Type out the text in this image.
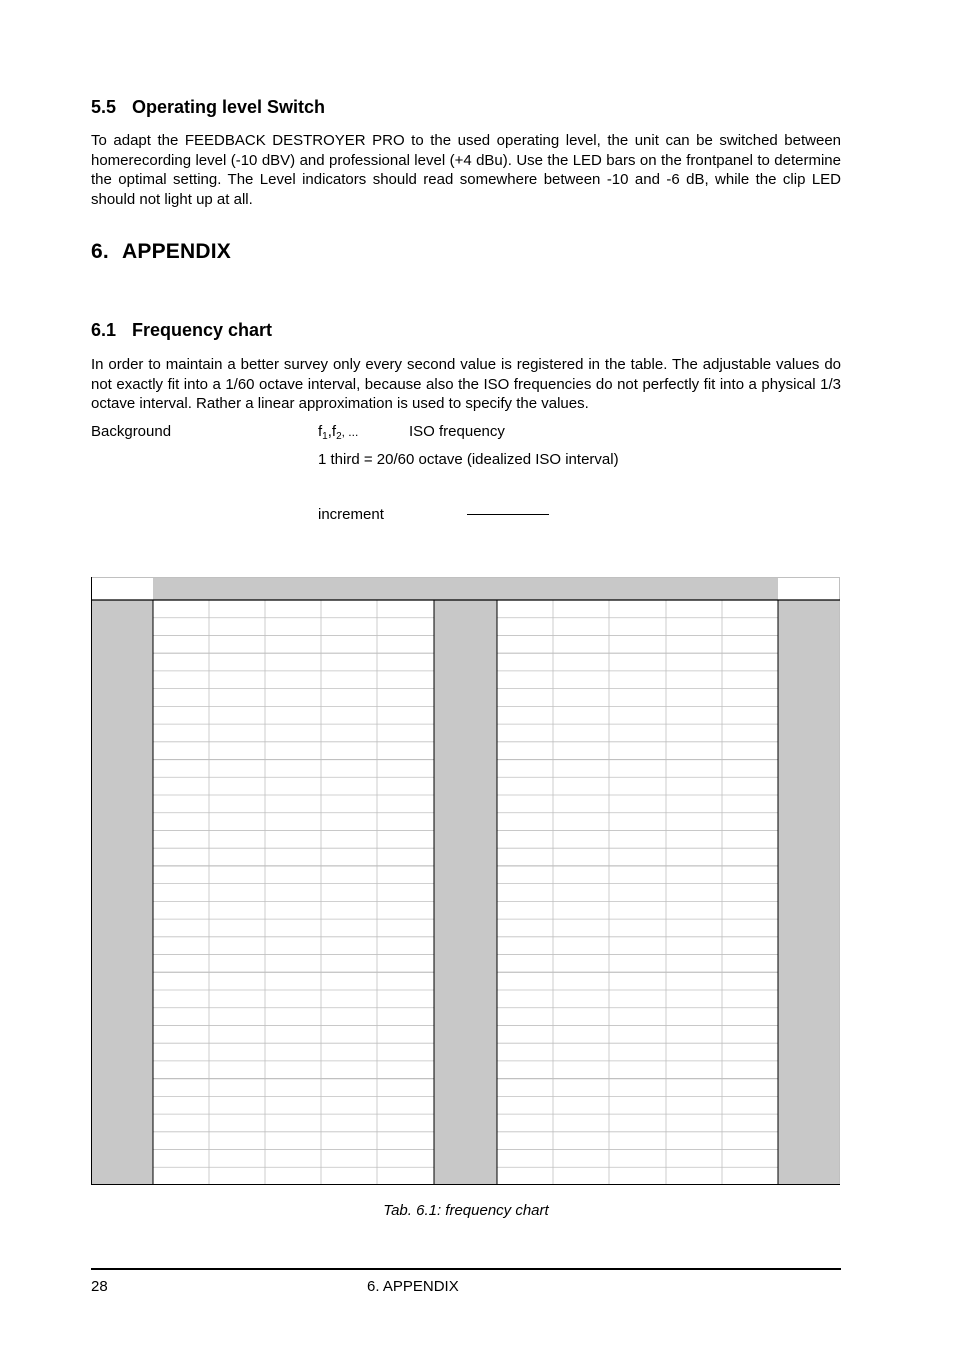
5.5 Operating level Switch
To adapt the FEEDBACK DESTROYER PRO to the used operating level, the unit can be switched between homerecording level (-10 dBV) and professional level (+4 dBu). Use the LED bars on the frontpanel to determine the optimal setting. The Level indicators should read somewhere between -10 and -6 dB, while the clip LED should not light up at all.
6. APPENDIX
6.1 Frequency chart
In order to maintain a better survey only every second value is registered in the table. The adjustable values do not exactly fit into a 1/60 octave interval, because also the ISO frequencies do not perfectly fit into a physical 1/3 octave interval. Rather a linear approximation is used to specify the values.
Background	$f_1,f_2$, ...	ISO frequency
1 third = 20/60 octave (idealized ISO interval)
increment
Tab. 6.1: frequency chart
28	6. APPENDIX
